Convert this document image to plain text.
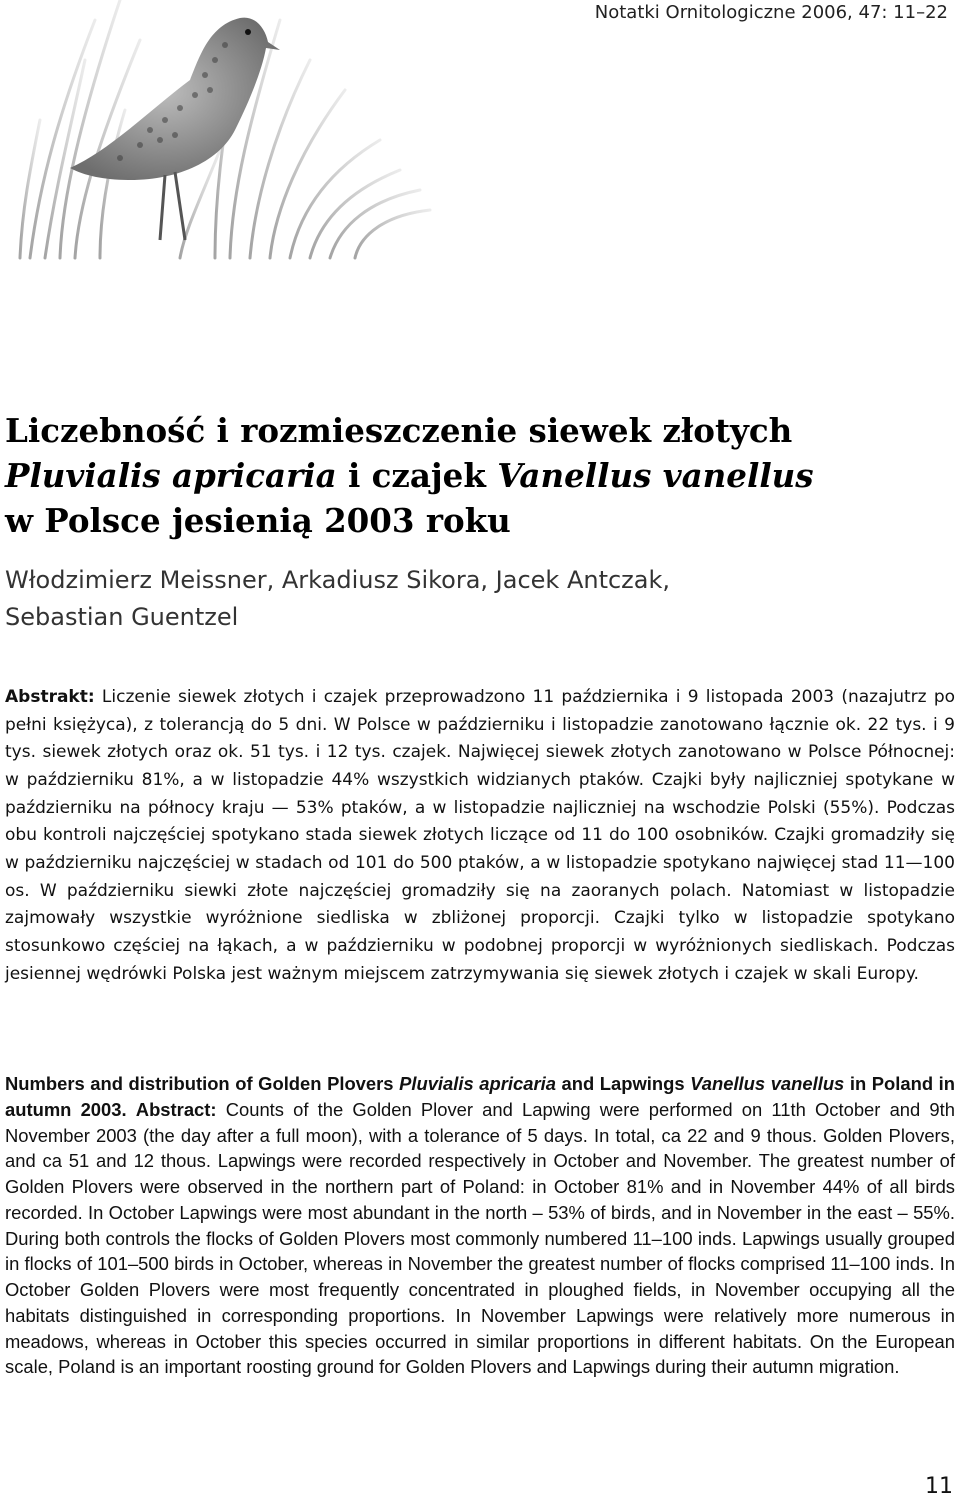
Notatki Ornitologiczne 2006, 47: 11–22
Liczebność i rozmieszczenie siewek złotych
Pluvialis apricaria i czajek Vanellus vanellus
w Polsce jesienią 2003 roku
Włodzimierz Meissner, Arkadiusz Sikora, Jacek Antczak,
Sebastian Guentzel

Abstrakt: Liczenie siewek złotych i czajek przeprowadzono 11 października i 9 listopada 2003 (nazajutrz po pełni księżyca), z tolerancją do 5 dni. W Polsce w październiku i listopadzie zanotowano łącznie ok. 22 tys. i 9 tys. siewek złotych oraz ok. 51 tys. i 12 tys. czajek. Najwięcej siewek złotych zanotowano w Polsce Północnej: w październiku 81%, a w listopadzie 44% wszystkich widzianych ptaków. Czajki były najliczniej spotykane w październiku na północy kraju — 53% ptaków, a w listopadzie najliczniej na wschodzie Polski (55%). Podczas obu kontroli najczęściej spotykano stada siewek złotych liczące od 11 do 100 osobników. Czajki gromadziły się w październiku najczęściej w stadach od 101 do 500 ptaków, a w listopadzie spotykano najwięcej stad 11—100 os. W październiku siewki złote najczęściej gromadziły się na zaoranych polach. Natomiast w listopadzie zajmowały wszystkie wyróżnione siedliska w zbliżonej proporcji. Czajki tylko w listopadzie spotykano stosunkowo częściej na łąkach, a w październiku w podobnej proporcji w wyróżnionych siedliskach. Podczas jesiennej wędrówki Polska jest ważnym miejscem zatrzymywania się siewek złotych i czajek w skali Europy.

Numbers and distribution of Golden Plovers Pluvialis apricaria and Lapwings Vanellus vanellus in Poland in autumn 2003. Abstract: Counts of the Golden Plover and Lapwing were performed on 11th October and 9th November 2003 (the day after a full moon), with a tolerance of 5 days. In total, ca 22 and 9 thous. Golden Plovers, and ca 51 and 12 thous. Lapwings were recorded respectively in October and November. The greatest number of Golden Plovers were observed in the northern part of Poland: in October 81% and in November 44% of all birds recorded. In October Lapwings were most abundant in the north – 53% of birds, and in November in the east – 55%. During both controls the flocks of Golden Plovers most commonly numbered 11–100 inds. Lapwings usually grouped in flocks of 101–500 birds in October, whereas in November the greatest number of flocks comprised 11–100 inds. In October Golden Plovers were most frequently concentrated in ploughed fields, in November occupying all the habitats distinguished in corresponding proportions. In November Lapwings were relatively more numerous in meadows, whereas in October this species occurred in similar proportions in different habitats. On the European scale, Poland is an important roosting ground for Golden Plovers and Lapwings during their autumn migration.

11
